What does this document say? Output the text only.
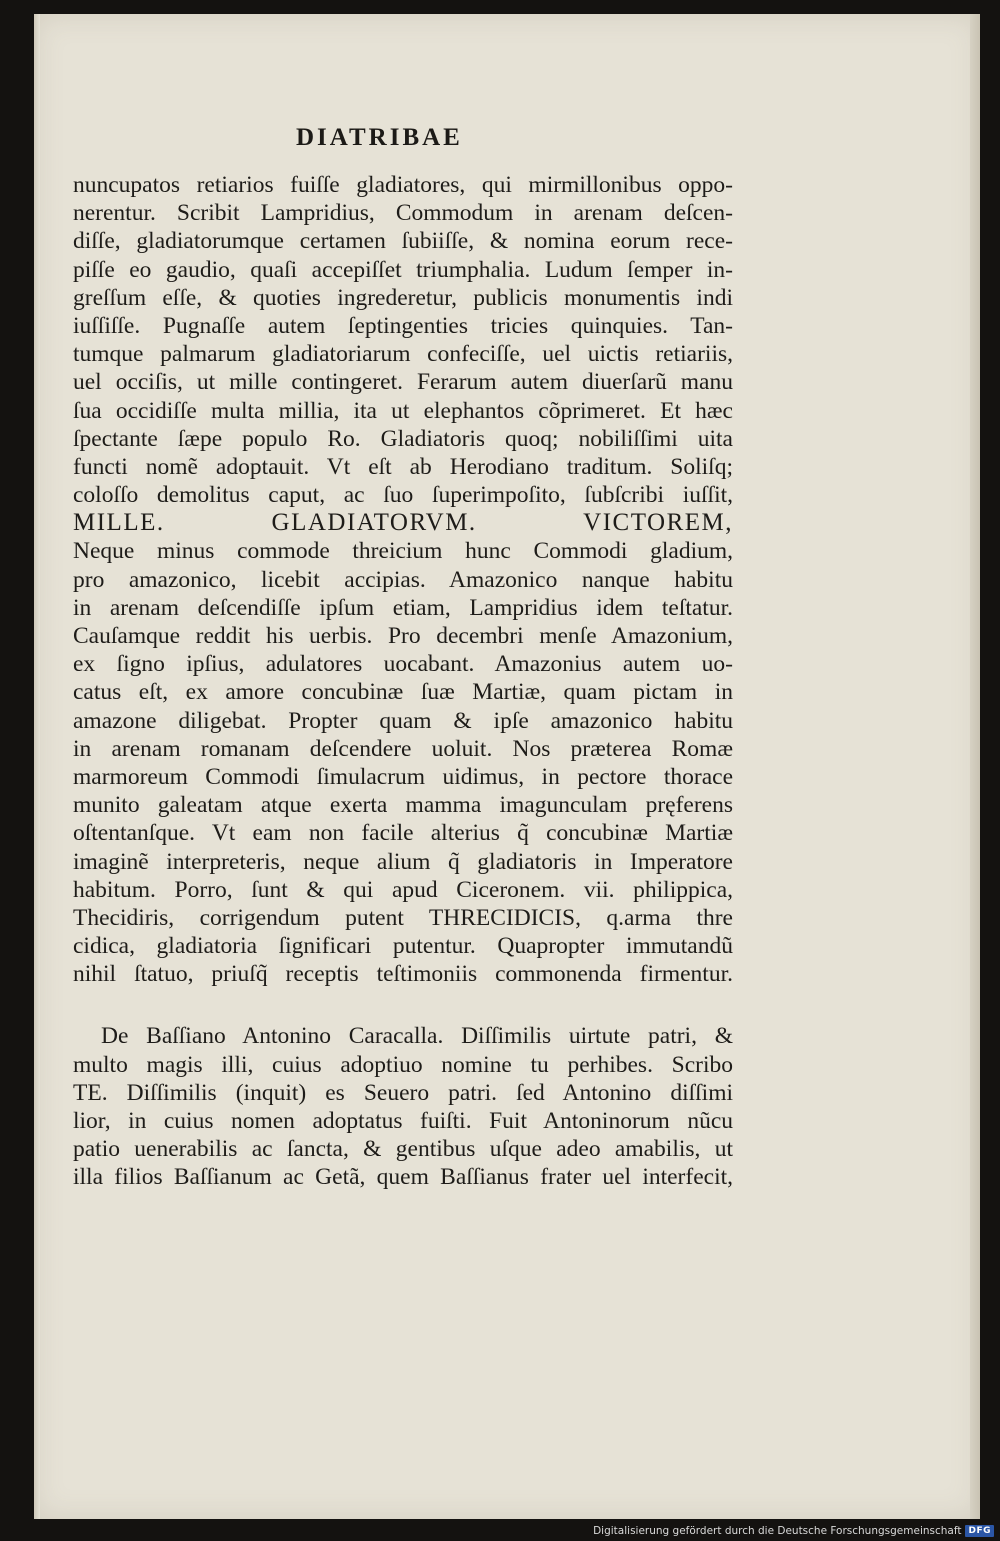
DIATRIBAE
nuncupatos retiarios fuiſſe gladiatores, qui mirmillonibus oppo-
nerentur. Scribit Lampridius, Commodum in arenam deſcen-
diſſe, gladiatorumque certamen ſubiiſſe, & nomina eorum rece-
piſſe eo gaudio, quaſi accepiſſet triumphalia. Ludum ſemper in-
greſſum eſſe, & quoties ingrederetur, publicis monumentis indi
iuſſiſſe. Pugnaſſe autem ſeptingenties tricies quinquies. Tan-
tumque palmarum gladiatoriarum confeciſſe, uel uictis retiariis,
uel occiſis, ut mille contingeret. Ferarum autem diuerſarũ manu
ſua occidiſſe multa millia, ita ut elephantos cõprimeret. Et hæc
ſpectante ſæpe populo Ro. Gladiatoris quoq; nobiliſſimi uita
functi nomẽ adoptauit. Vt eſt ab Herodiano traditum. Soliſq;
coloſſo demolitus caput, ac ſuo ſuperimpoſito, ſubſcribi iuſſit,
MILLE. GLADIATORVM. VICTOREM,
Neque minus commode threicium hunc Commodi gladium,
pro amazonico, licebit accipias. Amazonico nanque habitu
in arenam deſcendiſſe ipſum etiam, Lampridius idem teſtatur.
Cauſamque reddit his uerbis. Pro decembri menſe Amazonium,
ex ſigno ipſius, adulatores uocabant. Amazonius autem uo-
catus eſt, ex amore concubinæ ſuæ Martiæ, quam pictam in
amazone diligebat. Propter quam & ipſe amazonico habitu
in arenam romanam deſcendere uoluit. Nos præterea Romæ
marmoreum Commodi ſimulacrum uidimus, in pectore thorace
munito galeatam atque exerta mamma imagunculam pręferens
oſtentanſque. Vt eam non facile alterius q̃ concubinæ Martiæ
imaginẽ interpreteris, neque alium q̃ gladiatoris in Imperatore
habitum. Porro, ſunt & qui apud Ciceronem. vii. philippica,
Thecidiris, corrigendum putent THRECIDICIS, q.arma thre
cidica, gladiatoria ſignificari putentur. Quapropter immutandũ
nihil ſtatuo, priuſq̃ receptis teſtimoniis commonenda firmentur.
De Baſſiano Antonino Caracalla. Diſſimilis uirtute patri, &
multo magis illi, cuius adoptiuo nomine tu perhibes. Scribo
TE. Diſſimilis (inquit) es Seuero patri. ſed Antonino diſſimi
lior, in cuius nomen adoptatus fuiſti. Fuit Antoninorum nũcu
patio uenerabilis ac ſancta, & gentibus uſque adeo amabilis, ut
illa filios Baſſianum ac Getã, quem Baſſianus frater uel interfecit,
Digitalisierung gefördert durch die Deutsche Forschungsgemeinschaft DFG
